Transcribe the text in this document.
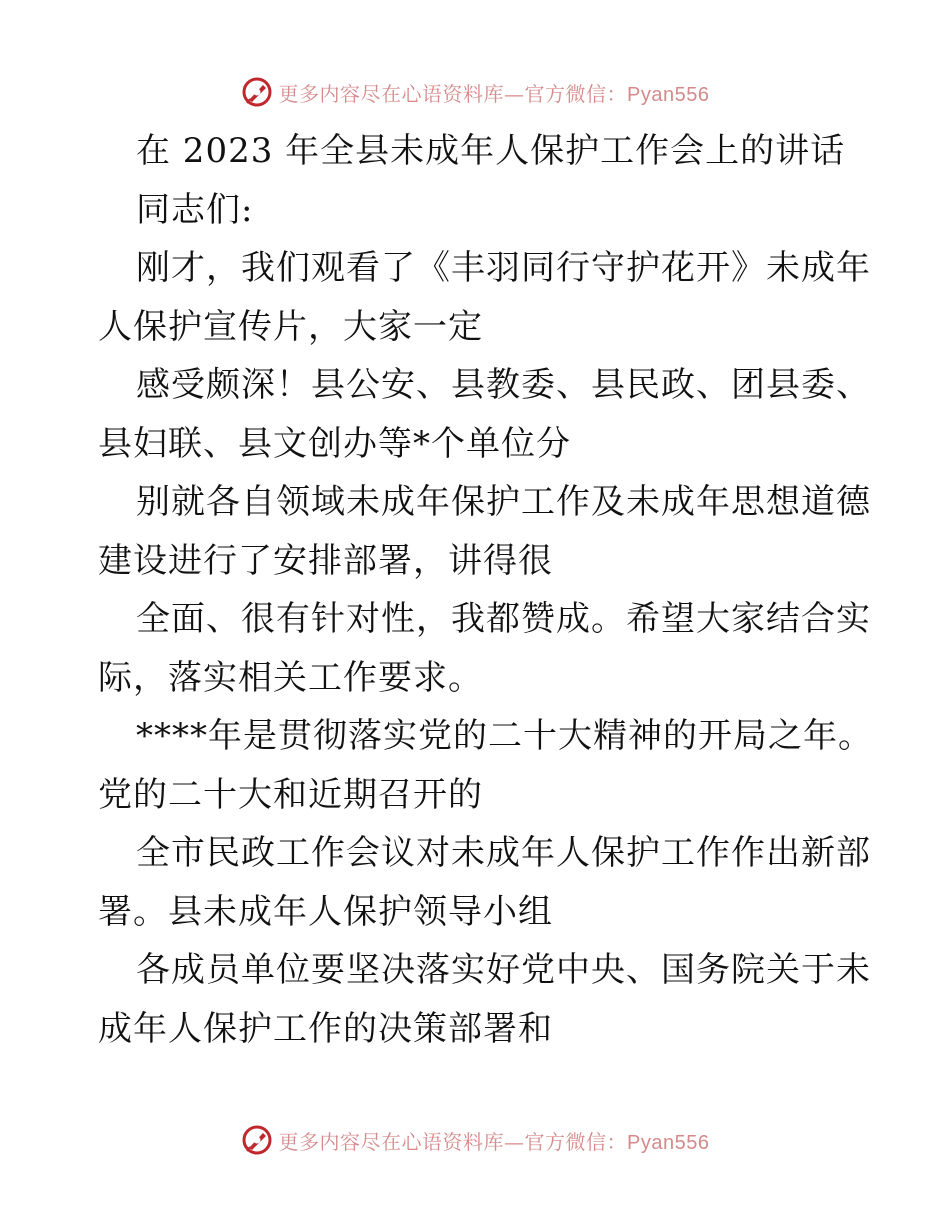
更多内容尽在心语资料库—官方微信：Pyan556
在 2023 年全县未成年人保护工作会上的讲话
同志们:
刚才，我们观看了《丰羽同行守护花开》未成年
人保护宣传片，大家一定
感受颇深！县公安、县教委、县民政、团县委、
县妇联、县文创办等*个单位分
别就各自领域未成年保护工作及未成年思想道德
建设进行了安排部署，讲得很
全面、很有针对性，我都赞成。希望大家结合实
际，落实相关工作要求。
****年是贯彻落实党的二十大精神的开局之年。
党的二十大和近期召开的
全市民政工作会议对未成年人保护工作作出新部
署。县未成年人保护领导小组
各成员单位要坚决落实好党中央、国务院关于未
成年人保护工作的决策部署和
更多内容尽在心语资料库—官方微信：Pyan556
